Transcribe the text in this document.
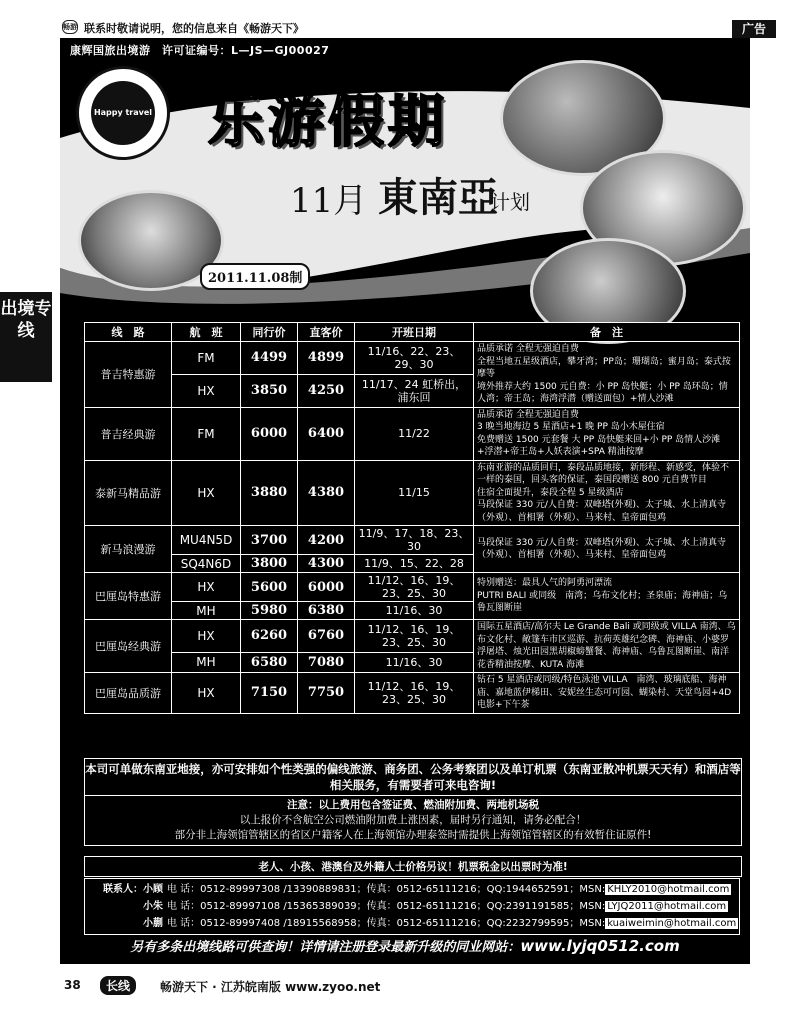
畅游 联系时敬请说明，您的信息来自《畅游天下》	广告
出境专线
康辉国旅出境游　许可证编号：L—JS—GJ00027
Happy travel 乐游假期
11月 東南亞
计划
2011.11.08制
线　路	航　班	同行价	直客价	开班日期	备　注
普吉特惠游	FM	4499	4899	11/16、22、23、29、30	品质承诺 全程无强迫自费
全程当地五星级酒店，攀牙湾；PP岛；珊瑚岛；蜜月岛；泰式按摩等
境外推荐大约 1500 元自费：小 PP 岛快艇；小 PP 岛环岛；情人湾；帝王岛；海湾浮潜（赠送面包）+情人沙滩
	HX	3850	4250	11/17、24 虹桥出，浦东回	
普吉经典游	FM	6000	6400	11/22	品质承诺 全程无强迫自费
3 晚当地海边 5 星酒店+1 晚 PP 岛小木屋住宿
免费赠送 1500 元套餐 大 PP 岛快艇来回+小 PP 岛情人沙滩+浮潜+帝王岛+人妖表演+SPA 精油按摩
泰新马精品游	HX	3880	4380	11/15	东南亚游的品质回归，泰段品质地接，新形程、新感受，体验不一样的泰国，回头客的保证，泰国段赠送 800 元自费节目
住宿全面提升，泰段全程 5 星级酒店
马段保证 330 元/人自费：双峰塔(外观)、太子城、水上清真寺（外观）、首相署（外观）、马来村、皇帝面包鸡
新马浪漫游	MU4N5D	3700	4200	11/9、17、18、23、30	马段保证 330 元/人自费：双峰塔(外观)、太子城、水上清真寺（外观）、首相署（外观）、马来村、皇帝面包鸡
	SQ4N6D	3800	4300	11/9、15、22、28	
巴厘岛特惠游	HX	5600	6000	11/12、16、19、23、25、30	特别赠送：最具人气的阿勇河漂流
PUTRI BALI 或同级　南湾；乌布文化村；圣泉庙；海神庙；乌鲁瓦图断崖
	MH	5980	6380	11/16、30	
巴厘岛经典游	HX	6260	6760	11/12、16、19、23、25、30	国际五星酒店/高尔夫 Le Grande Bali 或同级或 VILLA 南湾、乌布文化村、敞篷车市区巡游、抗荷英雄纪念碑、海神庙、小婆罗浮屠塔、烛光田园黑胡椒螃蟹餐、海神庙、乌鲁瓦图断崖、南洋花香精油按摩、KUTA 海滩
	MH	6580	7080	11/16、30	
巴厘岛品质游	HX	7150	7750	11/12、16、19、23、25、30	钻石 5 星酒店或同级/特色泳池 VILLA　南湾、玻璃底船、海神庙、嘉地蓝伊梯田、安妮丝生态可可园、蝴染村、天堂鸟园+4D 电影+下午茶
本司可单做东南亚地接，亦可安排如个性类强的偏线旅游、商务团、公务考察团以及单订机票（东南亚散冲机票天天有）和酒店等相关服务，有需要者可来电咨询!
注意：以上费用包含签证费、燃油附加费、两地机场税
以上报价不含航空公司燃油附加费上涨因素，届时另行通知，请务必配合！
部分非上海领馆管辖区的省区户籍客人在上海领馆办理泰签时需提供上海领馆管辖区的有效暂住证原件!
老人、小孩、港澳台及外籍人士价格另议！机票税金以出票时为准!
联系人：小顾 电 话：0512-89997308 /13390889831；传真：0512-65111216；QQ:1944652591；MSN: KHLY2010@hotmail.com
小朱 电 话：0512-89997108 /15365389039；传真：0512-65111216；QQ:2391191585；MSN: LYJQ2011@hotmail.com
小蒯 电 话：0512-89997408 /18915568958；传真：0512-65111216；QQ:2232799595；MSN: kuaiweimin@hotmail.com
另有多条出境线路可供查询！详情请注册登录最新升级的同业网站：www.lyjq0512.com
38	长线	畅游天下 · 江苏皖南版 www.zyoo.net
